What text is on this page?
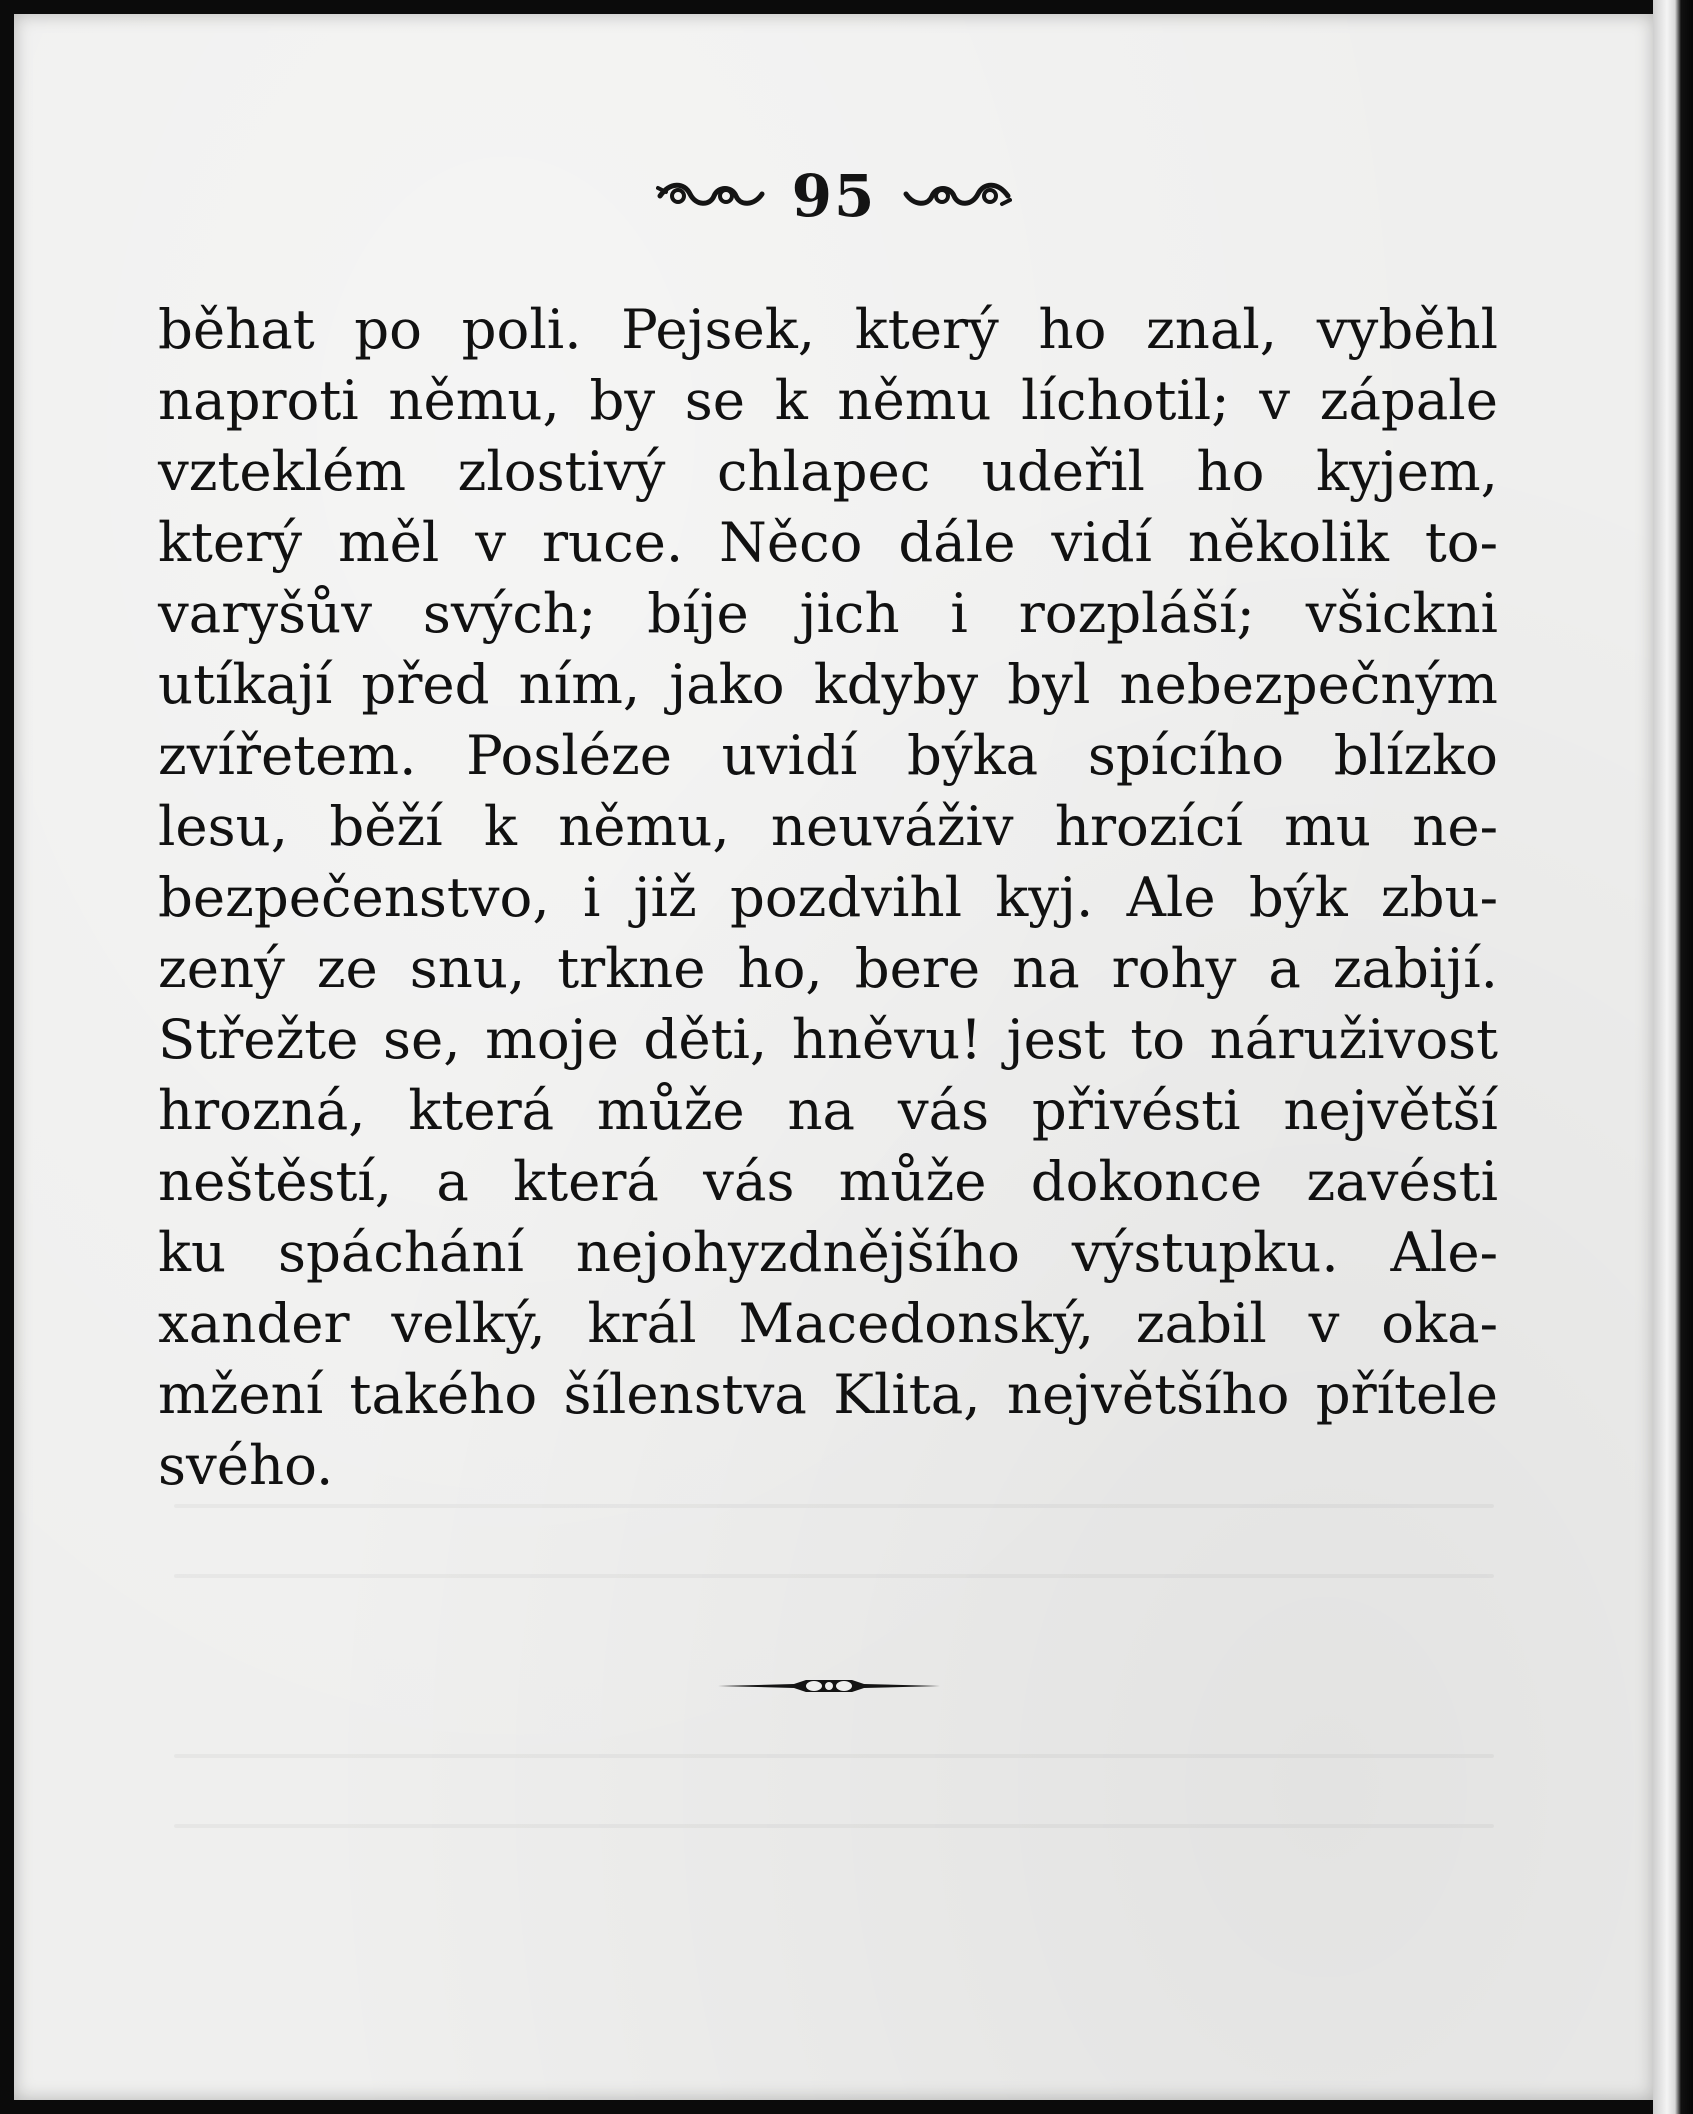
95
běhat po poli. Pejsek, který ho znal, vyběhl
naproti němu, by se k němu líchotil; v zápale
vzteklém zlostivý chlapec udeřil ho kyjem,
který měl v ruce. Něco dále vidí několik to-
varyšův svých; bíje jich i rozpláší; všickni
utíkají před ním, jako kdyby byl nebezpečným
zvířetem. Posléze uvidí býka spícího blízko
lesu, běží k němu, neuváživ hrozící mu ne-
bezpečenstvo, i již pozdvihl kyj. Ale býk zbu-
zený ze snu, trkne ho, bere na rohy a zabijí.
Střežte se, moje děti, hněvu! jest to náruživost
hrozná, která může na vás přivésti největší
neštěstí, a která vás může dokonce zavésti
ku spáchání nejohyzdnějšího výstupku. Ale-
xander velký, král Macedonský, zabil v oka-
mžení takého šílenstva Klita, největšího přítele
svého.
